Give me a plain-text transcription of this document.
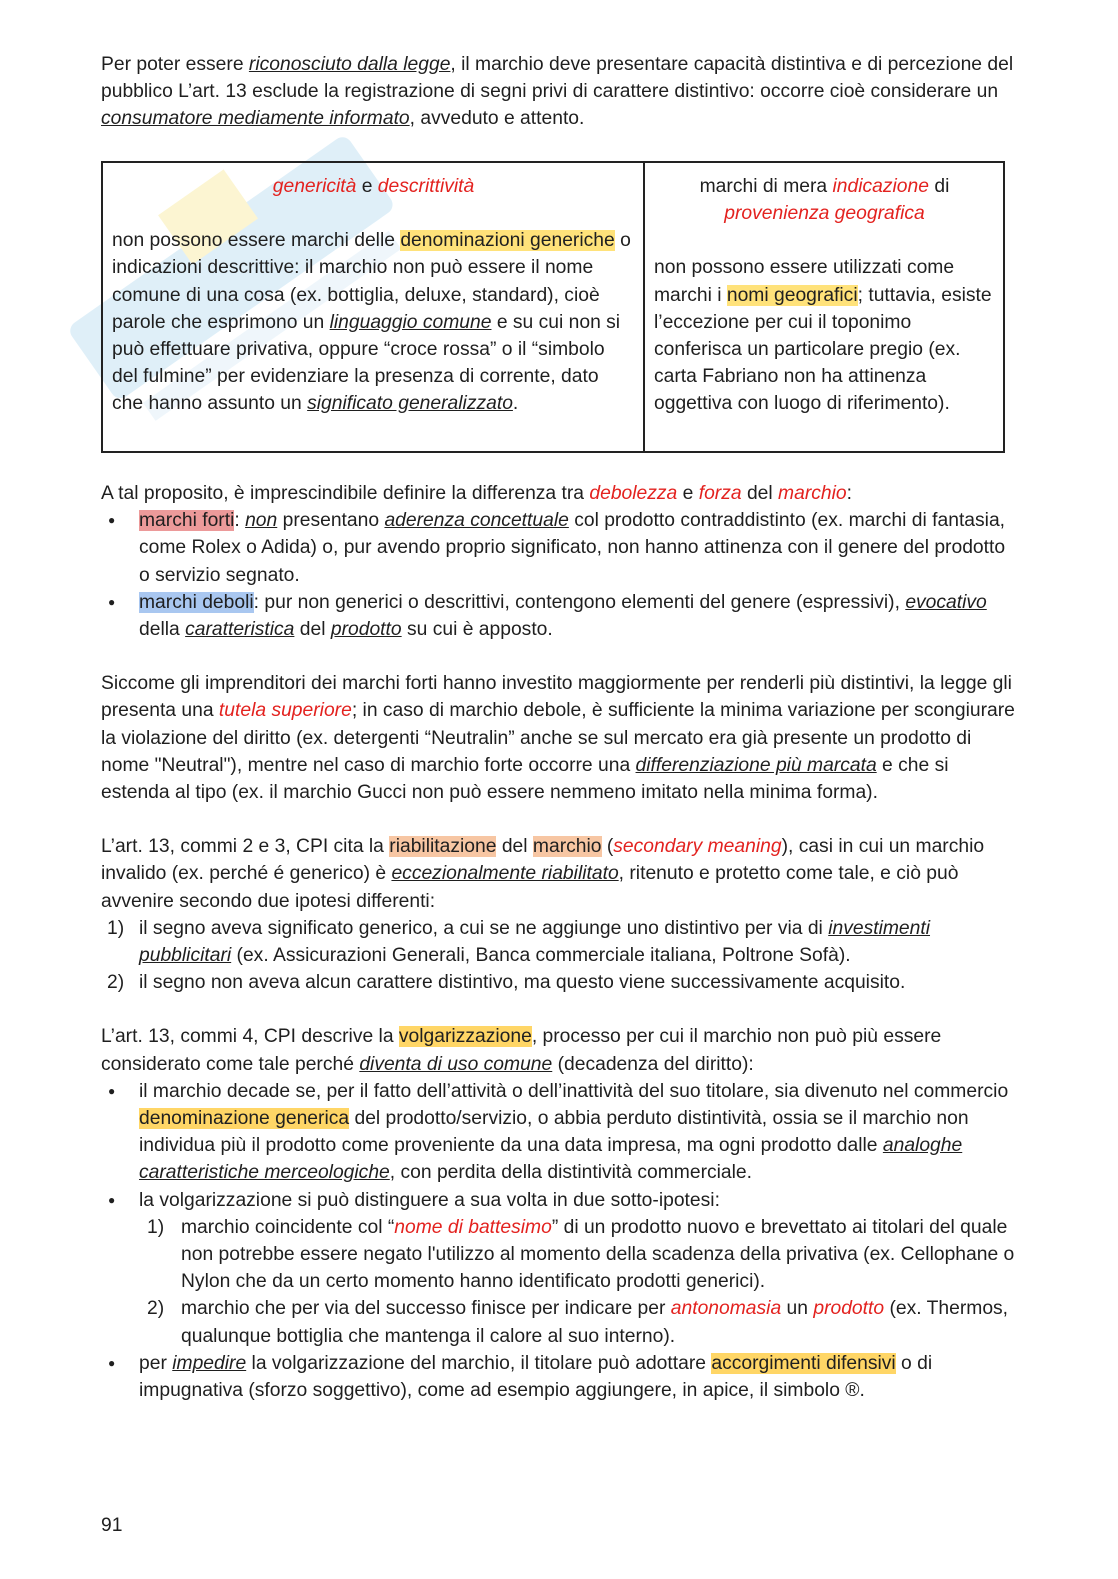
Per poter essere riconosciuto dalla legge, il marchio deve presentare capacità distintiva e di percezione del pubblico L’art. 13 esclude la registrazione di segni privi di carattere distintivo: occorre cioè considerare un consumatore mediamente informato, avveduto e attento.

genericità e descrittività

non possono essere marchi delle denominazioni generiche o indicazioni descrittive: il marchio non può essere il nome comune di una cosa (ex. bottiglia, deluxe, standard), cioè parole che esprimono un linguaggio comune e su cui non si può effettuare privativa, oppure “croce rossa” o il “simbolo del fulmine” per evidenziare la presenza di corrente, dato che hanno assunto un significato generalizzato.

marchi di mera indicazione di
provenienza geografica

non possono essere utilizzati come marchi i nomi geografici; tuttavia, esiste l’eccezione per cui il toponimo conferisca un particolare pregio (ex. carta Fabriano non ha attinenza oggettiva con luogo di riferimento).

A tal proposito, è imprescindibile definire la differenza tra debolezza e forza del marchio:

● marchi forti: non presentano aderenza concettuale col prodotto contraddistinto (ex. marchi di fantasia, come Rolex o Adida) o, pur avendo proprio significato, non hanno attinenza con il genere del prodotto o servizio segnato.
● marchi deboli: pur non generici o descrittivi, contengono elementi del genere (espressivi), evocativo della caratteristica del prodotto su cui è apposto.

Siccome gli imprenditori dei marchi forti hanno investito maggiormente per renderli più distintivi, la legge gli presenta una tutela superiore; in caso di marchio debole, è sufficiente la minima variazione per scongiurare la violazione del diritto (ex. detergenti “Neutralin” anche se sul mercato era già presente un prodotto di nome "Neutral"), mentre nel caso di marchio forte occorre una differenziazione più marcata e che si estenda al tipo (ex. il marchio Gucci non può essere nemmeno imitato nella minima forma).

L’art. 13, commi 2 e 3, CPI cita la riabilitazione del marchio (secondary meaning), casi in cui un marchio invalido (ex. perché é generico) è eccezionalmente riabilitato, ritenuto e protetto come tale, e ciò può avvenire secondo due ipotesi differenti:

1) il segno aveva significato generico, a cui se ne aggiunge uno distintivo per via di investimenti pubblicitari (ex. Assicurazioni Generali, Banca commerciale italiana, Poltrone Sofà).
2) il segno non aveva alcun carattere distintivo, ma questo viene successivamente acquisito.

L’art. 13, commi 4, CPI descrive la volgarizzazione, processo per cui il marchio non può più essere considerato come tale perché diventa di uso comune (decadenza del diritto):

● il marchio decade se, per il fatto dell’attività o dell’inattività del suo titolare, sia divenuto nel commercio denominazione generica del prodotto/servizio, o abbia perduto distintività, ossia se il marchio non individua più il prodotto come proveniente da una data impresa, ma ogni prodotto dalle analoghe caratteristiche merceologiche, con perdita della distintività commerciale.
● la volgarizzazione si può distinguere a sua volta in due sotto-ipotesi:
1) marchio coincidente col “nome di battesimo” di un prodotto nuovo e brevettato ai titolari del quale non potrebbe essere negato l'utilizzo al momento della scadenza della privativa (ex. Cellophane o Nylon che da un certo momento hanno identificato prodotti generici).
2) marchio che per via del successo finisce per indicare per antonomasia un prodotto (ex. Thermos, qualunque bottiglia che mantenga il calore al suo interno).
● per impedire la volgarizzazione del marchio, il titolare può adottare accorgimenti difensivi o di impugnativa (sforzo soggettivo), come ad esempio aggiungere, in apice, il simbolo ®.
91
